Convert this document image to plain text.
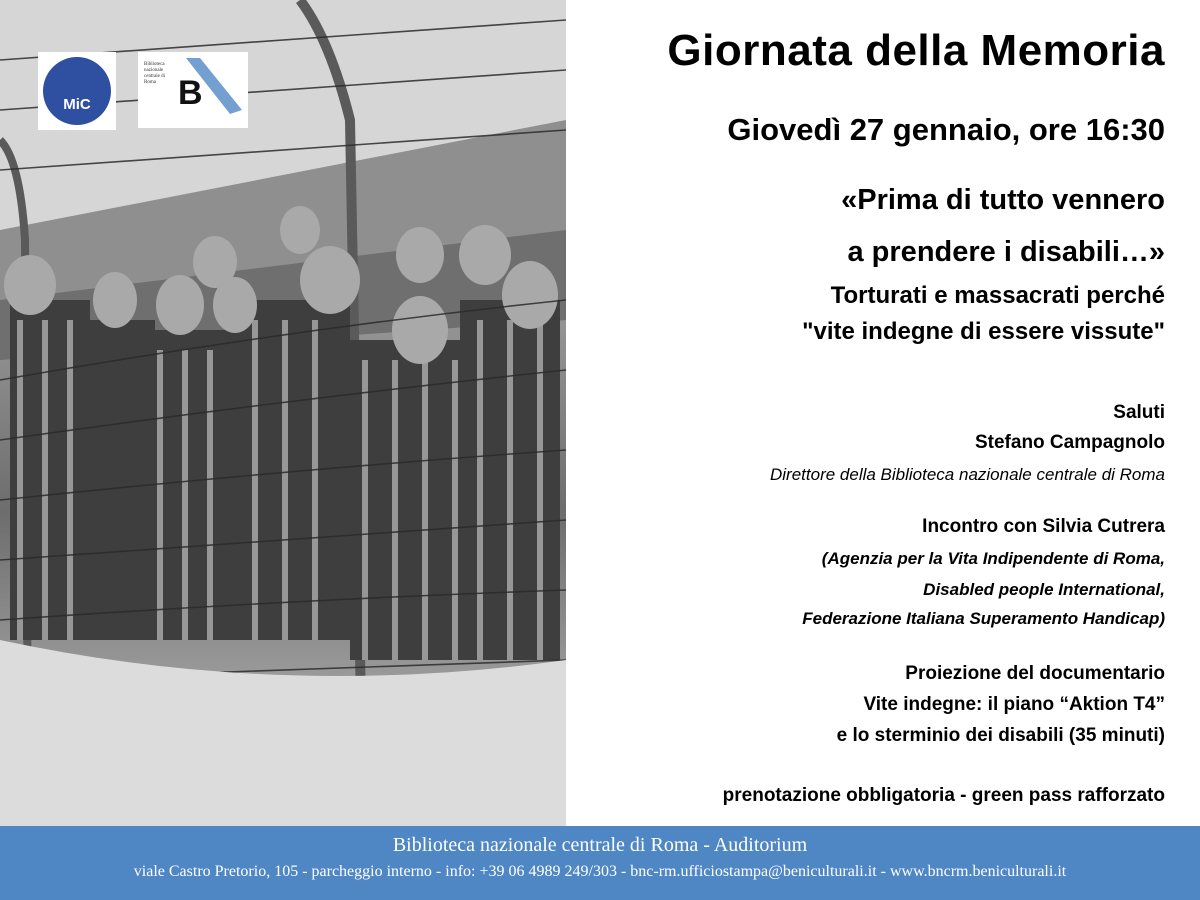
MiC
Biblioteca nazionale centrale di Roma B
Giornata della Memoria
Giovedì 27 gennaio, ore 16:30
«Prima di tutto vennero
a prendere i disabili…»
Torturati e massacrati perché
"vite indegne di essere vissute"
Saluti
Stefano Campagnolo
Direttore della Biblioteca nazionale centrale di Roma
Incontro con Silvia Cutrera
(Agenzia per la Vita Indipendente di Roma,
Disabled people International,
Federazione Italiana Superamento Handicap)
Proiezione del documentario
Vite indegne: il piano “Aktion T4”
e lo sterminio dei disabili (35 minuti)
prenotazione obbligatoria - green pass rafforzato
Biblioteca nazionale centrale di Roma - Auditorium
viale Castro Pretorio, 105 - parcheggio interno - info: +39 06 4989 249/303 - bnc-rm.ufficiostampa@beniculturali.it - www.bncrm.beniculturali.it
